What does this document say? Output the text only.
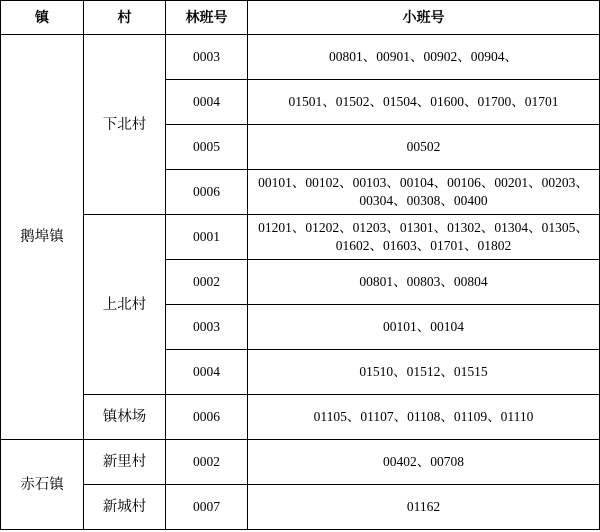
镇	村	林班号	小班号
鹅埠镇	下北村	0003	00801、00901、00902、00904、
		0004	01501、01502、01504、01600、01700、01701
		0005	00502
		0006	00101、00102、00103、00104、00106、00201、00203、00304、00308、00400
	上北村	0001	01201、01202、01203、01301、01302、01304、01305、01602、01603、01701、01802
		0002	00801、00803、00804
		0003	00101、00104
		0004	01510、01512、01515
	镇林场	0006	01105、01107、01108、01109、01110
赤石镇	新里村	0002	00402、00708
	新城村	0007	01162
